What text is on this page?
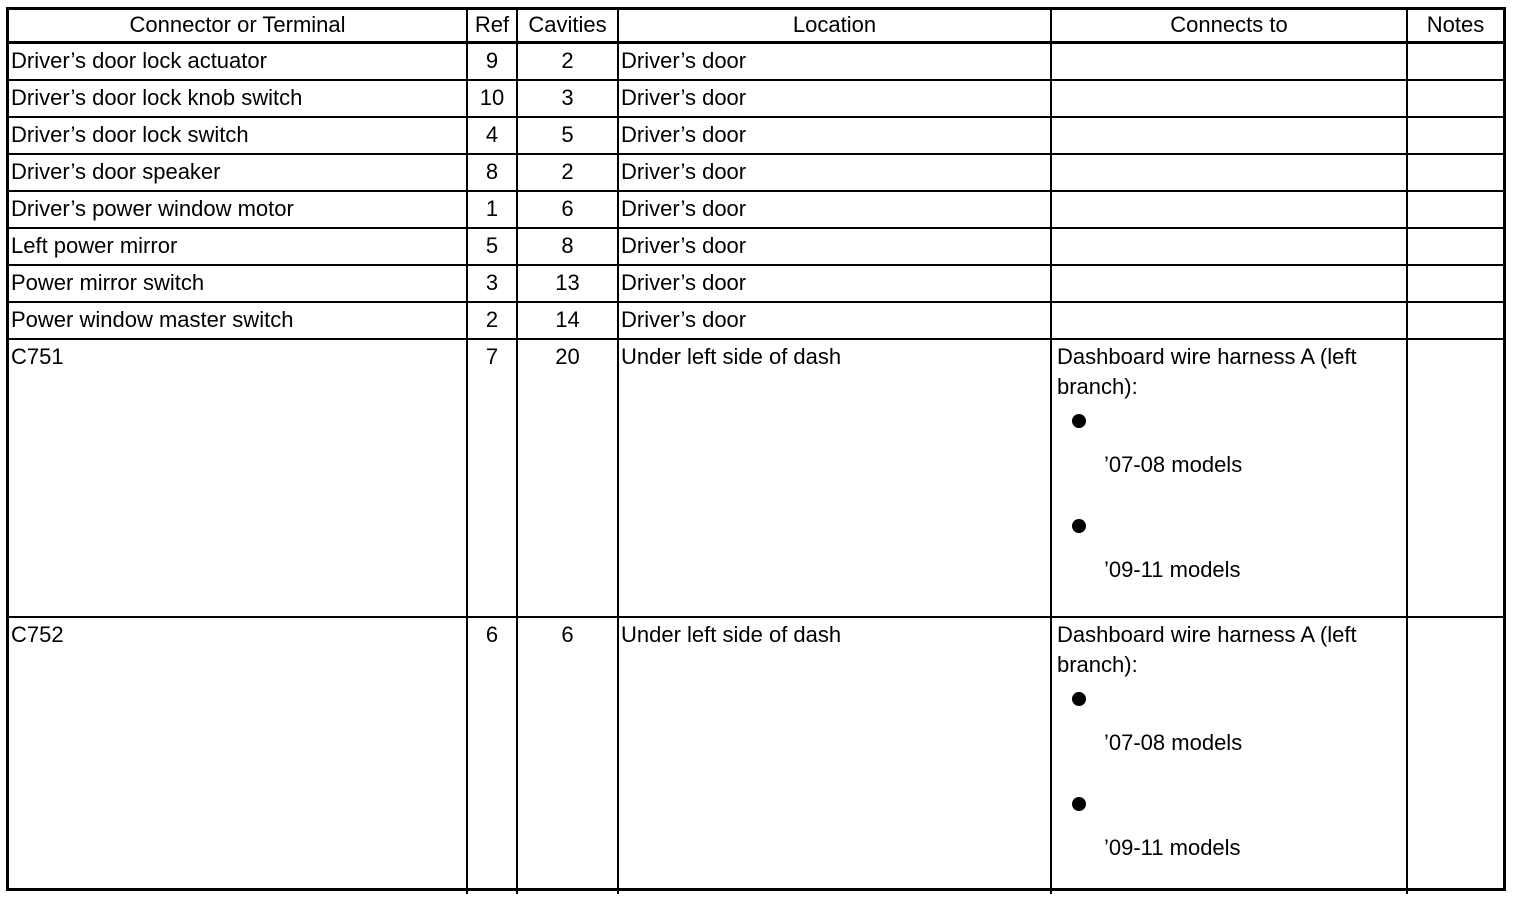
Connector or Terminal	Ref	Cavities	Location	Connects to	Notes
Driver’s door lock actuator	9	2	Driver’s door		
Driver’s door lock knob switch	10	3	Driver’s door		
Driver’s door lock switch	4	5	Driver’s door		
Driver’s door speaker	8	2	Driver’s door		
Driver’s power window motor	1	6	Driver’s door		
Left power mirror	5	8	Driver’s door		
Power mirror switch	3	13	Driver’s door		
Power window master switch	2	14	Driver’s door		
C751	7	20	Under left side of dash	Dashboard wire harness A (left branch):
’07-08 models
’09-11 models	

C752	6	6	Under left side of dash	Dashboard wire harness A (left branch):
’07-08 models
’09-11 models	
